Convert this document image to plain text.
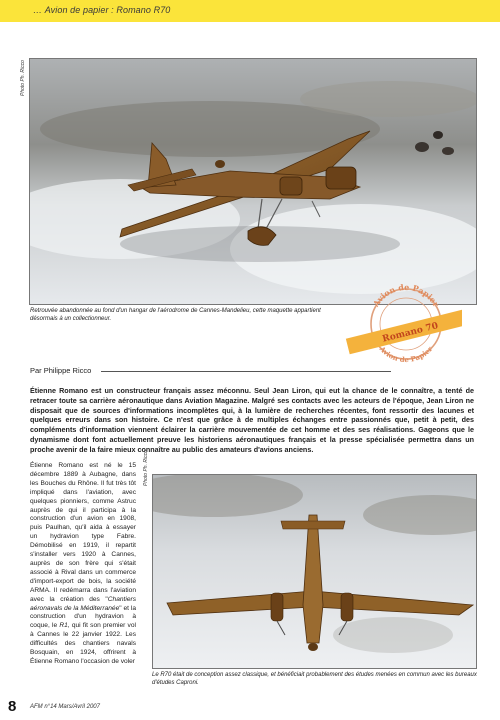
… Avion de papier : Romano R70
Photo Ph. Ricco
Retrouvée abandonnée au fond d'un hangar de l'aérodrome de Cannes-Mandelieu, cette maquette appartient désormais à un collectionneur.
Avion de Papier
Avion de Papier
Romano 70
Par Philippe Ricco
Étienne Romano est un constructeur français assez méconnu. Seul Jean Liron, qui eut la chance de le connaître, a tenté de retracer toute sa carrière aéronautique dans Aviation Magazine. Malgré ses contacts avec les acteurs de l'époque, Jean Liron ne disposait que de sources d'informations incomplètes qui, à la lumière de recherches récentes, font ressortir des lacunes et quelques erreurs dans son histoire. Ce n'est que grâce à de multiples échanges entre passionnés que, petit à petit, des compléments d'information viennent éclairer la carrière mouvementée de cet homme et des ses réalisations. Gageons que le dynamisme dont font actuellement preuve les historiens aéronautiques français et la presse spécialisée permettra dans un proche avenir de la faire mieux connaître au public des amateurs d'avions anciens.
Étienne Romano est né le 15 décembre 1889 à Aubagne, dans les Bouches du Rhône. Il fut très tôt impliqué dans l'aviation, avec quelques pionniers, comme Astruc auprès de qui il participa à la construction d'un avion en 1908, puis Paulhan, qu'il aida à essayer un hydravion type Fabre. Démobilisé en 1919, il repartit s'installer vers 1920 à Cannes, auprès de son frère qui s'était associé à Rival dans un commerce d'import-export de bois, la société ARMA. Il redémarra dans l'aviation avec la création des "Chantiers aéronavals de la Méditerranée" et la construction d'un hydravion à coque, le R1, qui fit son premier vol à Cannes le 22 janvier 1922. Les difficultés des chantiers navals Bosquain, en 1924, offrirent à Étienne Romano l'occasion de voler
Photo Ph. Ricco
Le R70 était de conception assez classique, et bénéficiait probablement des études menées en commun avec les bureaux d'études Caproni.
8 AFM n°14 Mars/Avril 2007
